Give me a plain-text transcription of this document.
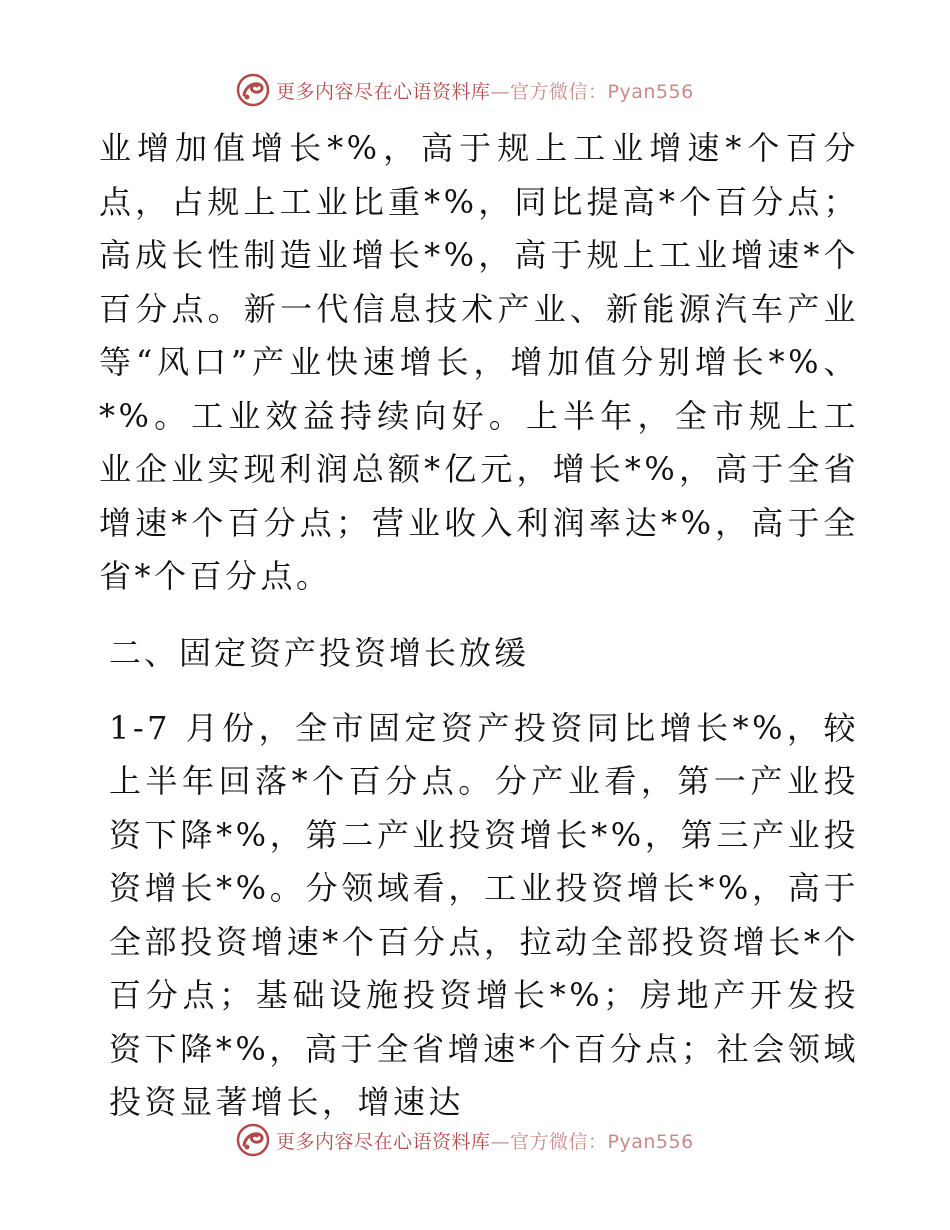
更多内容尽在心语资料库—官方微信：Pyan556

业增加值增长*%，高于规上工业增速*个百分点，占规上工业比重*%，同比提高*个百分点；高成长性制造业增长*%，高于规上工业增速*个百分点。新一代信息技术产业、新能源汽车产业等“风口”产业快速增长，增加值分别增长*%、*%。工业效益持续向好。上半年，全市规上工业企业实现利润总额*亿元，增长*%，高于全省增速*个百分点；营业收入利润率达*%，高于全省*个百分点。

二、固定资产投资增长放缓

1-7 月份，全市固定资产投资同比增长*%，较上半年回落*个百分点。分产业看，第一产业投资下降*%，第二产业投资增长*%，第三产业投资增长*%。分领域看，工业投资增长*%，高于全部投资增速*个百分点，拉动全部投资增长*个百分点；基础设施投资增长*%；房地产开发投资下降*%，高于全省增速*个百分点；社会领域投资显著增长，增速达

更多内容尽在心语资料库—官方微信：Pyan556
